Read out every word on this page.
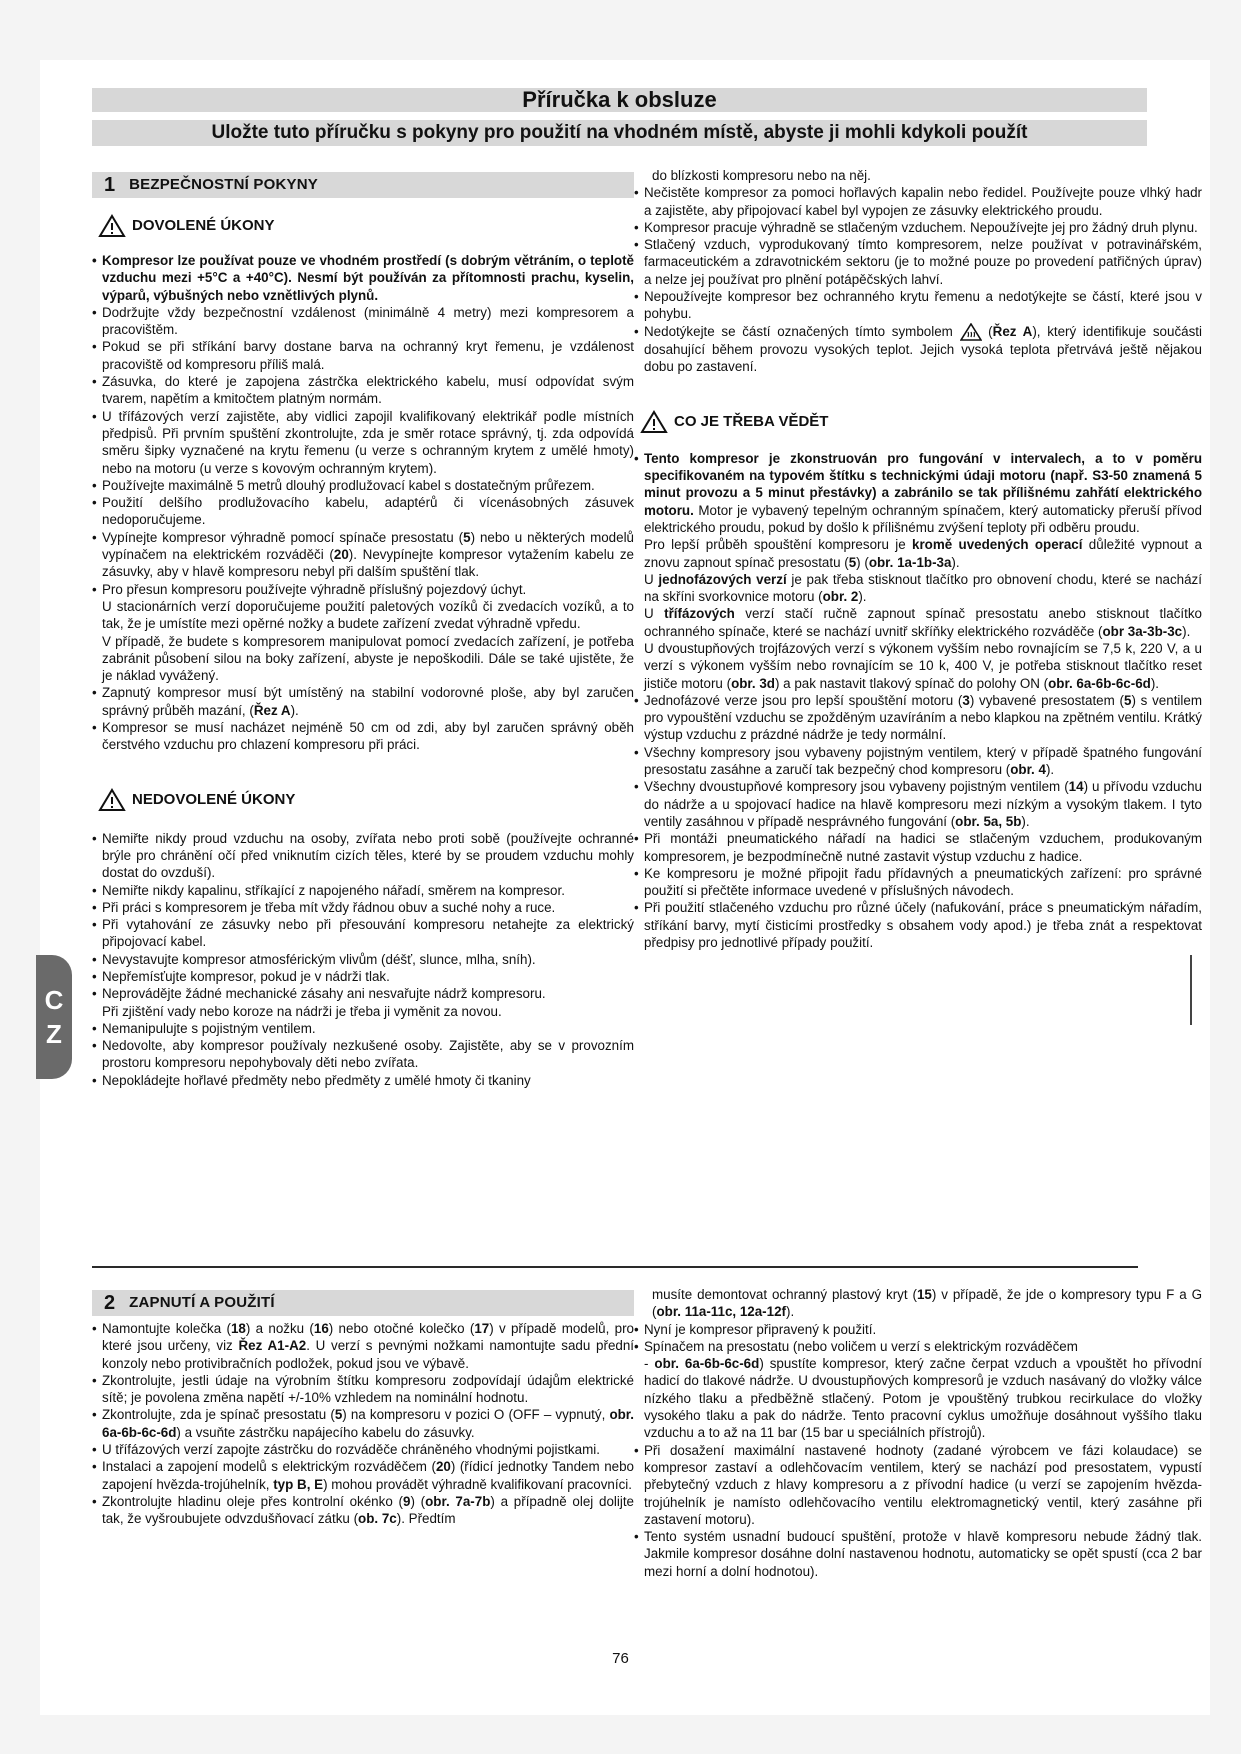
Příručka k obsluze
Uložte tuto příručku s pokyny pro použití na vhodném místě, abyste ji mohli kdykoli použít
1 BEZPEČNOSTNÍ POKYNY
DOVOLENÉ ÚKONY

• Kompresor lze používat pouze ve vhodném prostředí (s dobrým větráním, o teplotě vzduchu mezi +5°C a +40°C). Nesmí být používán za přítomnosti prachu, kyselin, výparů, výbušných nebo vznětlivých plynů.

• Dodržujte vždy bezpečnostní vzdálenost (minimálně 4 metry) mezi kompresorem a pracovištěm.

• Pokud se při stříkání barvy dostane barva na ochranný kryt řemenu, je vzdálenost pracoviště od kompresoru příliš malá.

• Zásuvka, do které je zapojena zástrčka elektrického kabelu, musí odpovídat svým tvarem, napětím a kmitočtem platným normám.

• U třífázových verzí zajistěte, aby vidlici zapojil kvalifikovaný elektrikář podle místních předpisů. Při prvním spuštění zkontrolujte, zda je směr rotace správný, tj. zda odpovídá směru šipky vyznačené na krytu řemenu (u verze s ochranným krytem z umělé hmoty) nebo na motoru (u verze s kovovým ochranným krytem).

• Používejte maximálně 5 metrů dlouhý prodlužovací kabel s dostatečným průřezem.

• Použití delšího prodlužovacího kabelu, adaptérů či vícenásobných zásuvek nedoporučujeme.

• Vypínejte kompresor výhradně pomocí spínače presostatu (5) nebo u některých modelů vypínačem na elektrickém rozváděči (20). Nevypínejte kompresor vytažením kabelu ze zásuvky, aby v hlavě kompresoru nebyl při dalším spuštění tlak.

• Pro přesun kompresoru používejte výhradně příslušný pojezdový úchyt.

U stacionárních verzí doporučujeme použití paletových vozíků či zvedacích vozíků, a to tak, že je umístíte mezi opěrné nožky a budete zařízení zvedat výhradně vpředu.

V případě, že budete s kompresorem manipulovat pomocí zvedacích zařízení, je potřeba zabránit působení silou na boky zařízení, abyste je nepoškodili. Dále se také ujistěte, že je náklad vyvážený.

• Zapnutý kompresor musí být umístěný na stabilní vodorovné ploše, aby byl zaručen správný průběh mazání, (Řez A).

• Kompresor se musí nacházet nejméně 50 cm od zdi, aby byl zaručen správný oběh čerstvého vzduchu pro chlazení kompresoru při práci.

NEDOVOLENÉ ÚKONY

• Nemiřte nikdy proud vzduchu na osoby, zvířata nebo proti sobě (používejte ochranné brýle pro chránění očí před vniknutím cizích těles, které by se proudem vzduchu mohly dostat do ovzduší).

• Nemiřte nikdy kapalinu, stříkající z napojeného nářadí, směrem na kompresor.

• Při práci s kompresorem je třeba mít vždy řádnou obuv a suché nohy a ruce.

• Při vytahování ze zásuvky nebo při přesouvání kompresoru netahejte za elektrický připojovací kabel.

• Nevystavujte kompresor atmosférickým vlivům (déšť, slunce, mlha, sníh).

• Nepřemísťujte kompresor, pokud je v nádrži tlak.

• Neprovádějte žádné mechanické zásahy ani nesvařujte nádrž kompresoru.

Při zjištění vady nebo koroze na nádrži je třeba ji vyměnit za novou.

• Nemanipulujte s pojistným ventilem.

• Nedovolte, aby kompresor používaly nezkušené osoby. Zajistěte, aby se v provozním prostoru kompresoru nepohybovaly děti nebo zvířata.

• Nepokládejte hořlavé předměty nebo předměty z umělé hmoty či tkaniny

do blízkosti kompresoru nebo na něj.

• Nečistěte kompresor za pomoci hořlavých kapalin nebo ředidel. Používejte pouze vlhký hadr a zajistěte, aby připojovací kabel byl vypojen ze zásuvky elektrického proudu.

• Kompresor pracuje výhradně se stlačeným vzduchem. Nepoužívejte jej pro žádný druh plynu.

• Stlačený vzduch, vyprodukovaný tímto kompresorem, nelze používat v potravinářském, farmaceutickém a zdravotnickém sektoru (je to možné pouze po provedení patřičných úprav) a nelze jej používat pro plnění potápěčských lahví.

• Nepoužívejte kompresor bez ochranného krytu řemenu a nedotýkejte se částí, které jsou v pohybu.

• Nedotýkejte se částí označených tímto symbolem  (Řez A), který identifikuje součásti dosahující během provozu vysokých teplot. Jejich vysoká teplota přetrvává ještě nějakou dobu po zastavení.

CO JE TŘEBA VĚDĚT

• Tento kompresor je zkonstruován pro fungování v intervalech, a to v poměru specifikovaném na typovém štítku s technickými údaji motoru (např. S3-50 znamená 5 minut provozu a 5 minut přestávky) a zabránilo se tak přílišnému zahřátí elektrického motoru. Motor je vybavený tepelným ochranným spínačem, který automaticky přeruší přívod elektrického proudu, pokud by došlo k přílišnému zvýšení teploty při odběru proudu.

Pro lepší průběh spouštění kompresoru je kromě uvedených operací důležité vypnout a znovu zapnout spínač presostatu (5) (obr. 1a-1b-3a).

U jednofázových verzí je pak třeba stisknout tlačítko pro obnovení chodu, které se nachází na skříni svorkovnice motoru (obr. 2).

U třífázových verzí stačí ručně zapnout spínač presostatu anebo stisknout tlačítko ochranného spínače, které se nachází uvnitř skříňky elektrického rozváděče (obr 3a-3b-3c).

U dvoustupňových trojfázových verzí s výkonem vyšším nebo rovnajícím se 7,5 k, 220 V, a u verzí s výkonem vyšším nebo rovnajícím se 10 k, 400 V, je potřeba stisknout tlačítko reset jističe motoru (obr. 3d) a pak nastavit tlakový spínač do polohy ON (obr. 6a-6b-6c-6d).

• Jednofázové verze jsou pro lepší spouštění motoru (3) vybavené presostatem (5) s ventilem pro vypouštění vzduchu se zpožděným uzavíráním a nebo klapkou na zpětném ventilu. Krátký výstup vzduchu z prázdné nádrže je tedy normální.

• Všechny kompresory jsou vybaveny pojistným ventilem, který v případě špatného fungování presostatu zasáhne a zaručí tak bezpečný chod kompresoru (obr. 4).

• Všechny dvoustupňové kompresory jsou vybaveny pojistným ventilem (14) u přívodu vzduchu do nádrže a u spojovací hadice na hlavě kompresoru mezi nízkým a vysokým tlakem. I tyto ventily zasáhnou v případě nesprávného fungování (obr. 5a, 5b).

• Při montáži pneumatického nářadí na hadici se stlačeným vzduchem, produkovaným kompresorem, je bezpodmínečně nutné zastavit výstup vzduchu z hadice.

• Ke kompresoru je možné připojit řadu přídavných a pneumatických zařízení: pro správné použití si přečtěte informace uvedené v příslušných návodech.

• Při použití stlačeného vzduchu pro různé účely (nafukování, práce s pneumatickým nářadím, stříkání barvy, mytí čisticími prostředky s obsahem vody apod.) je třeba znát a respektovat předpisy pro jednotlivé případy použití.

2 ZAPNUTÍ A POUŽITÍ

• Namontujte kolečka (18) a nožku (16) nebo otočné kolečko (17) v případě modelů, pro které jsou určeny, viz Řez A1-A2. U verzí s pevnými nožkami namontujte sadu přední konzoly nebo protivibračních podložek, pokud jsou ve výbavě.

• Zkontrolujte, jestli údaje na výrobním štítku kompresoru zodpovídají údajům elektrické sítě; je povolena změna napětí +/-10% vzhledem na nominální hodnotu.

• Zkontrolujte, zda je spínač presostatu (5) na kompresoru v pozici O (OFF – vypnutý, obr. 6a-6b-6c-6d) a vsuňte zástrčku napájecího kabelu do zásuvky.

• U třífázových verzí zapojte zástrčku do rozváděče chráněného vhodnými pojistkami.

• Instalaci a zapojení modelů s elektrickým rozváděčem (20) (řídicí jednotky Tandem nebo zapojení hvězda-trojúhelník, typ B, E) mohou provádět výhradně kvalifikovaní pracovníci.

• Zkontrolujte hladinu oleje přes kontrolní okénko (9) (obr. 7a-7b) a případně olej dolijte tak, že vyšroubujete odvzdušňovací zátku (ob. 7c). Předtím

musíte demontovat ochranný plastový kryt (15) v případě, že jde o kompresory typu F a G (obr. 11a-11c, 12a-12f).

• Nyní je kompresor připravený k použití.

• Spínačem na presostatu (nebo voličem u verzí s elektrickým rozváděčem

- obr. 6a-6b-6c-6d) spustíte kompresor, který začne čerpat vzduch a vpouštět ho přívodní hadicí do tlakové nádrže. U dvoustupňových kompresorů je vzduch nasávaný do vložky válce nízkého tlaku a předběžně stlačený. Potom je vpouštěný trubkou recirkulace do vložky vysokého tlaku a pak do nádrže. Tento pracovní cyklus umožňuje dosáhnout vyššího tlaku vzduchu a to až na 11 bar (15 bar u speciálních přístrojů).

• Při dosažení maximální nastavené hodnoty (zadané výrobcem ve fázi kolaudace) se kompresor zastaví a odlehčovacím ventilem, který se nachází pod presostatem, vypustí přebytečný vzduch z hlavy kompresoru a z přívodní hadice (u verzí se zapojením hvězda-trojúhelník je namísto odlehčovacího ventilu elektromagnetický ventil, který zasáhne při zastavení motoru).

• Tento systém usnadní budoucí spuštění, protože v hlavě kompresoru nebude žádný tlak. Jakmile kompresor dosáhne dolní nastavenou hodnotu, automaticky se opět spustí (cca 2 bar mezi horní a dolní hodnotou).

C
Z
76
